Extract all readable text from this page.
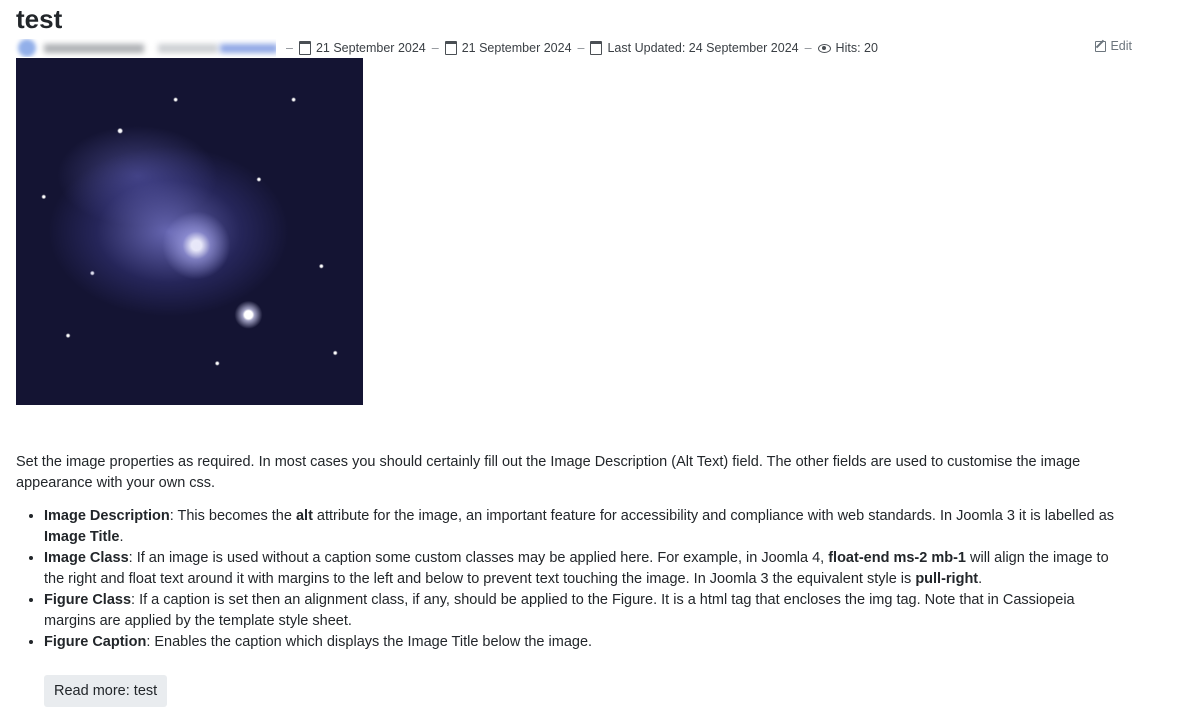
test
– 21 September 2024 – 21 September 2024 – Last Updated: 24 September 2024 – Hits: 20	Edit

Set the image properties as required. In most cases you should certainly fill out the Image Description (Alt Text) field. The other fields are used to customise the image appearance with your own css.

• Image Description: This becomes the alt attribute for the image, an important feature for accessibility and compliance with web standards. In Joomla 3 it is labelled as Image Title.
• Image Class: If an image is used without a caption some custom classes may be applied here. For example, in Joomla 4, float-end ms-2 mb-1 will align the image to the right and float text around it with margins to the left and below to prevent text touching the image. In Joomla 3 the equivalent style is pull-right.
• Figure Class: If a caption is set then an alignment class, if any, should be applied to the Figure. It is a html tag that encloses the img tag. Note that in Cassiopeia margins are applied by the template style sheet.
• Figure Caption: Enables the caption which displays the Image Title below the image.
Read more: test
